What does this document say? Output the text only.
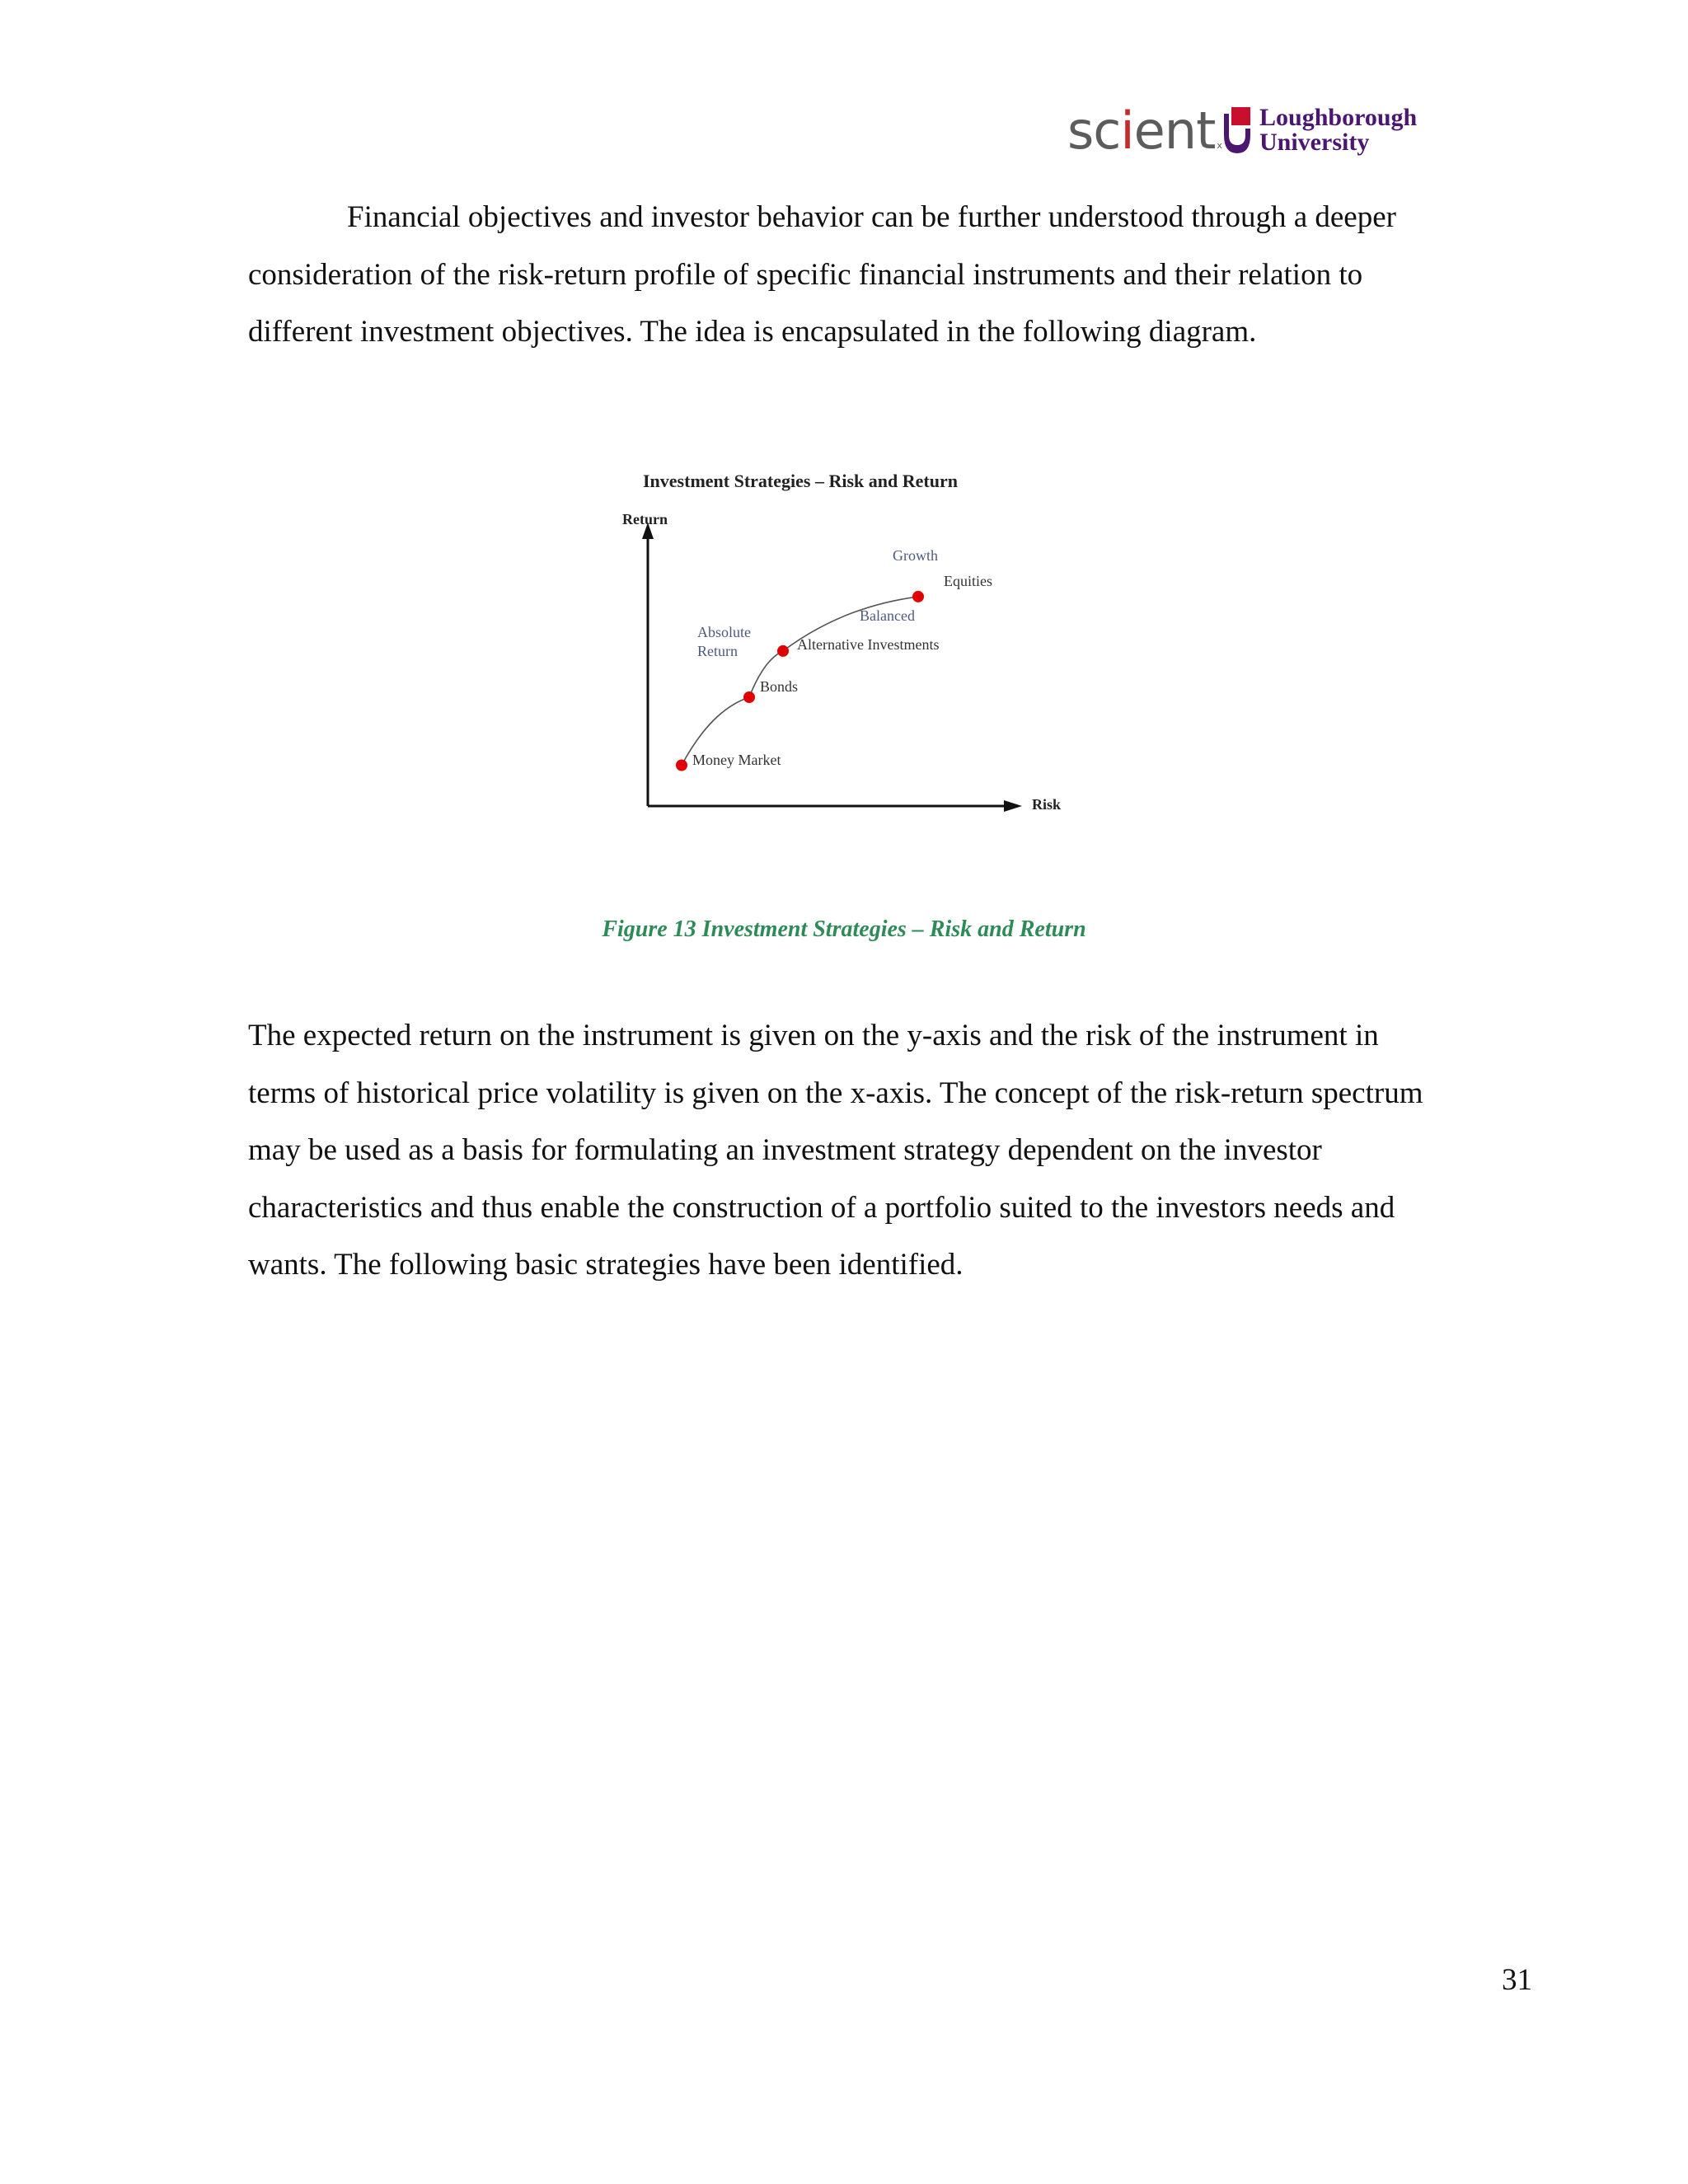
scient x
Loughborough
University

Financial objectives and investor behavior can be further understood through a deeper consideration of the risk-return profile of specific financial instruments and their relation to different investment objectives. The idea is encapsulated in the following diagram.

Investment Strategies – Risk and Return
Return
Risk
Money Market
Bonds
Alternative Investments
Equities
Absolute Return
Balanced
Growth
Figure 13 Investment Strategies – Risk and Return

The expected return on the instrument is given on the y-axis and the risk of the instrument in terms of historical price volatility is given on the x-axis. The concept of the risk-return spectrum may be used as a basis for formulating an investment strategy dependent on the investor characteristics and thus enable the construction of a portfolio suited to the investors needs and wants. The following basic strategies have been identified.

31
